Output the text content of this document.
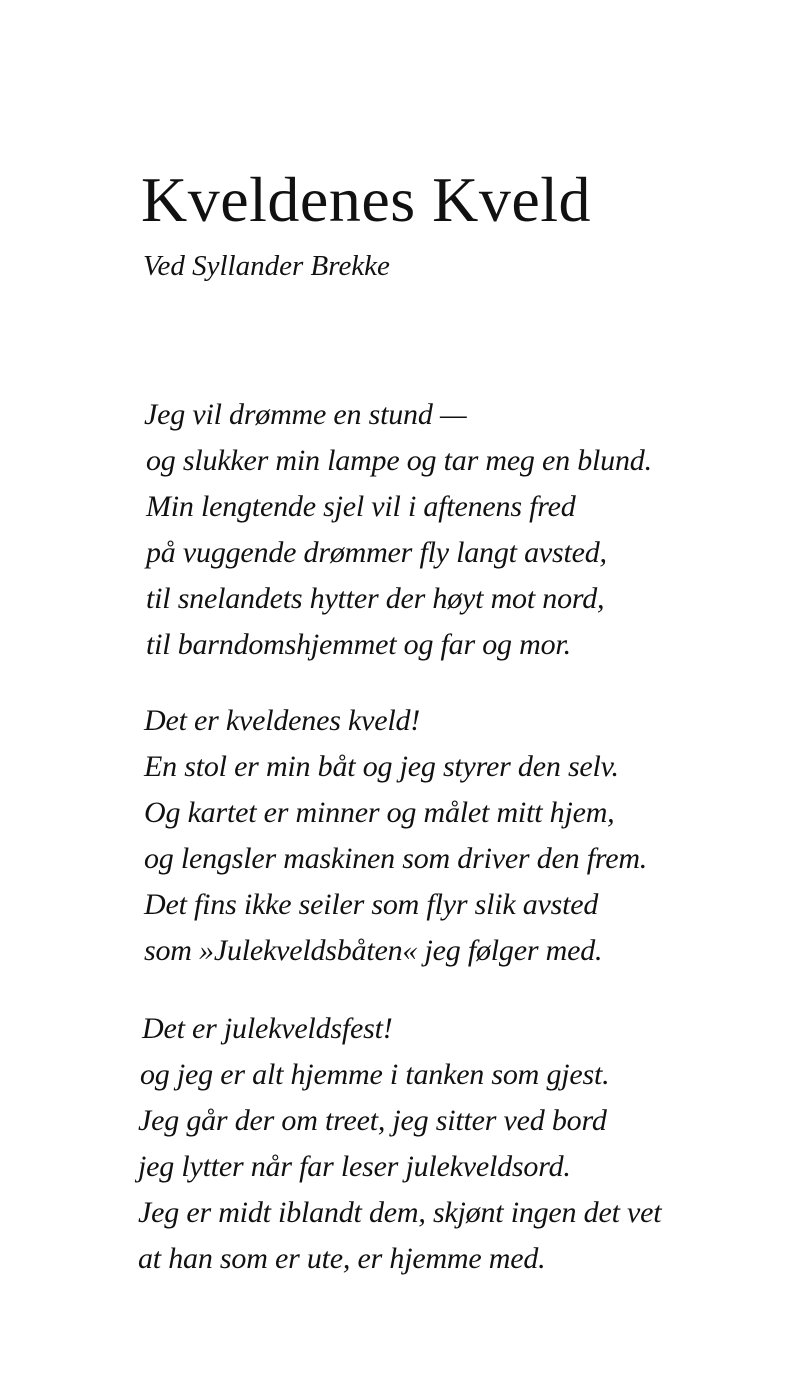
Kveldenes Kveld

Ved Syllander Brekke

Jeg vil drømme en stund —
og slukker min lampe og tar meg en blund.
Min lengtende sjel vil i aftenens fred
på vuggende drømmer fly langt avsted,
til snelandets hytter der høyt mot nord,
til barndomshjemmet og far og mor.
Det er kveldenes kveld!
En stol er min båt og jeg styrer den selv.
Og kartet er minner og målet mitt hjem,
og lengsler maskinen som driver den frem.
Det fins ikke seiler som flyr slik avsted
som »Julekveldsbåten« jeg følger med.
Det er julekveldsfest!
og jeg er alt hjemme i tanken som gjest.
Jeg går der om treet, jeg sitter ved bord
jeg lytter når far leser julekveldsord.
Jeg er midt iblandt dem, skjønt ingen det vet
at han som er ute, er hjemme med.
